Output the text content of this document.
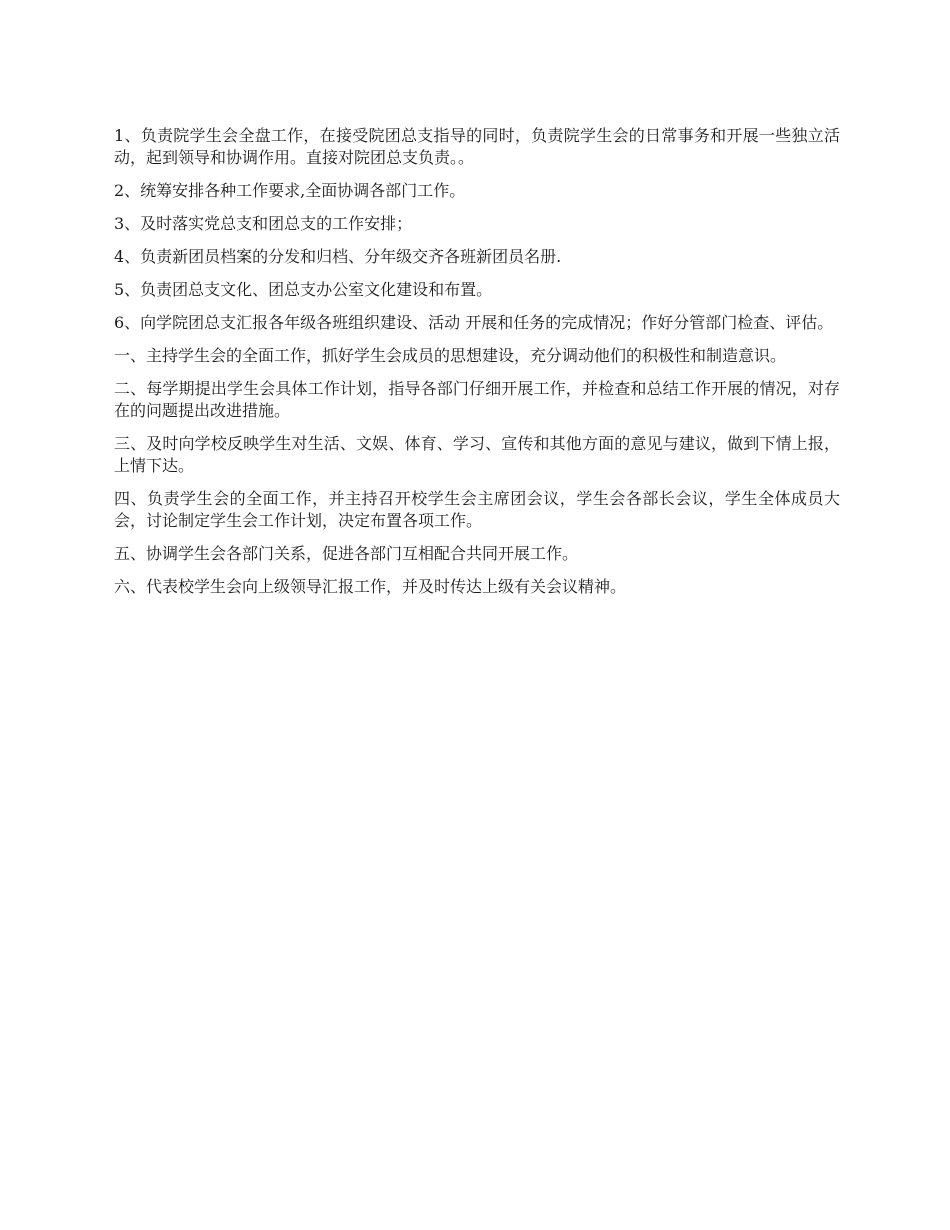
1、负责院学生会全盘工作，在接受院团总支指导的同时，负责院学生会的日常事务和开展一些独立活动，起到领导和协调作用。直接对院团总支负责。。

2、统筹安排各种工作要求,全面协调各部门工作。

3、及时落实党总支和团总支的工作安排；

4、负责新团员档案的分发和归档、分年级交齐各班新团员名册.

5、负责团总支文化、团总支办公室文化建设和布置。

6、向学院团总支汇报各年级各班组织建设、活动 开展和任务的完成情况；作好分管部门检查、评估。

一、主持学生会的全面工作，抓好学生会成员的思想建设，充分调动他们的积极性和制造意识。

二、每学期提出学生会具体工作计划，指导各部门仔细开展工作，并检查和总结工作开展的情况，对存在的问题提出改进措施。

三、及时向学校反映学生对生活、文娱、体育、学习、宣传和其他方面的意见与建议，做到下情上报，上情下达。

四、负责学生会的全面工作，并主持召开校学生会主席团会议，学生会各部长会议，学生全体成员大会，讨论制定学生会工作计划，决定布置各项工作。

五、协调学生会各部门关系，促进各部门互相配合共同开展工作。

六、代表校学生会向上级领导汇报工作，并及时传达上级有关会议精神。
